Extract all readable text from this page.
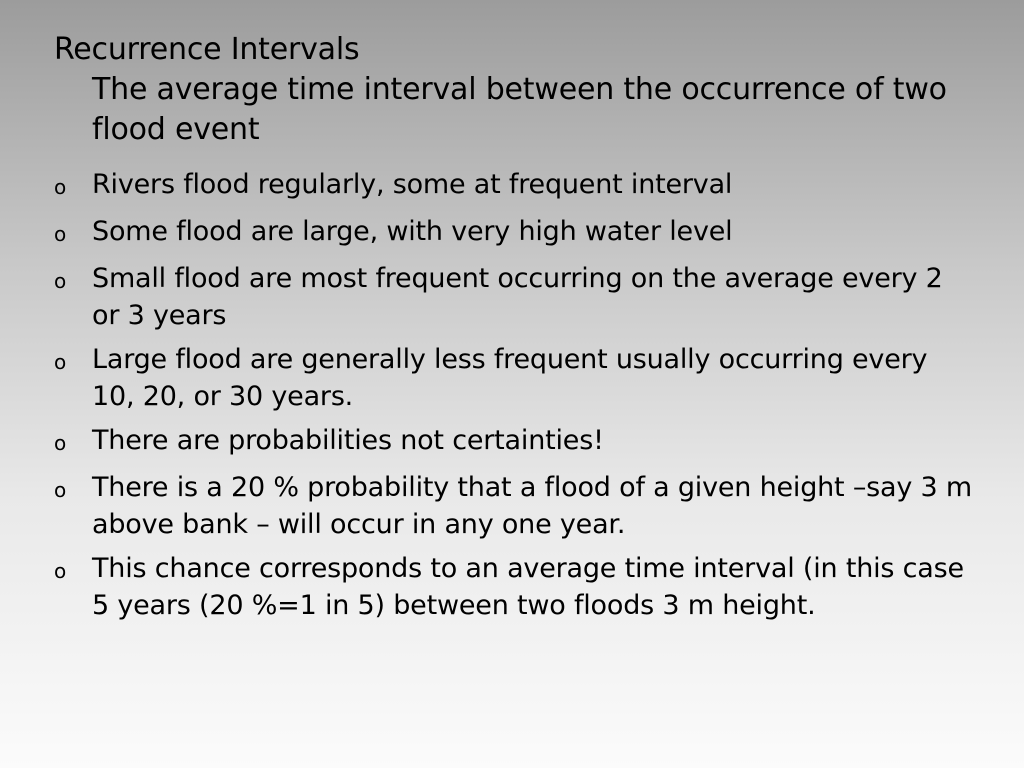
Recurrence Intervals
The average time interval between the occurrence of two flood event
o Rivers flood regularly, some at frequent interval
o Some flood are large, with very high water level
o Small flood are most frequent occurring on the average every 2 or 3 years
o Large flood are generally less frequent usually occurring every 10, 20, or 30 years.
o There are probabilities not certainties!
o There is a 20 % probability that a flood of a given height –say 3 m above bank – will occur in any one year.
o This chance corresponds to an average time interval (in this case 5 years (20 %=1 in 5) between two floods 3 m height.
